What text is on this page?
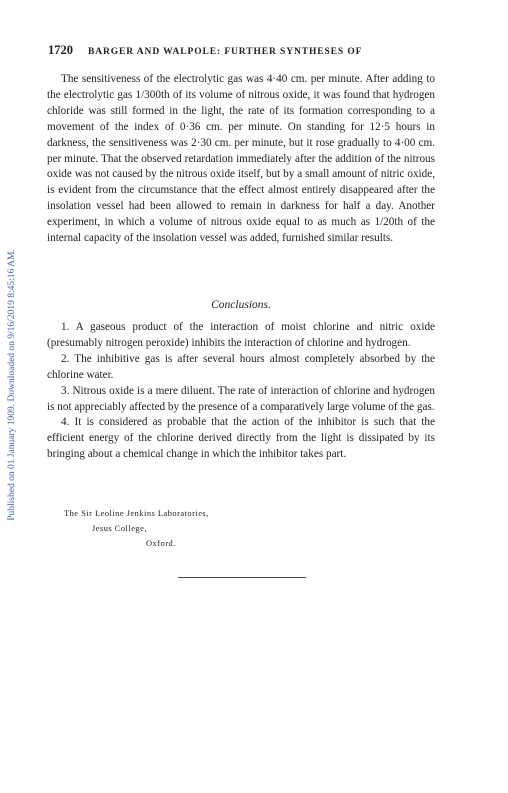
Published on 01 January 1909. Downloaded on 9/16/2019 8:45:16 AM.
1720 BARGER AND WALPOLE: FURTHER SYNTHESES OF

The sensitiveness of the electrolytic gas was 4·40 cm. per minute. After adding to the electrolytic gas 1/300th of its volume of nitrous oxide, it was found that hydrogen chloride was still formed in the light, the rate of its formation corresponding to a movement of the index of 0·36 cm. per minute. On standing for 12·5 hours in darkness, the sensitiveness was 2·30 cm. per minute, but it rose gradually to 4·00 cm. per minute. That the observed retardation immediately after the addition of the nitrous oxide was not caused by the nitrous oxide itself, but by a small amount of nitric oxide, is evident from the circumstance that the effect almost entirely disappeared after the insolation vessel had been allowed to remain in darkness for half a day. Another experiment, in which a volume of nitrous oxide equal to as much as 1/20th of the internal capacity of the insolation vessel was added, furnished similar results.

Conclusions.

1. A gaseous product of the interaction of moist chlorine and nitric oxide (presumably nitrogen peroxide) inhibits the interaction of chlorine and hydrogen.

2. The inhibitive gas is after several hours almost completely absorbed by the chlorine water.

3. Nitrous oxide is a mere diluent. The rate of interaction of chlorine and hydrogen is not appreciably affected by the presence of a comparatively large volume of the gas.

4. It is considered as probable that the action of the inhibitor is such that the efficient energy of the chlorine derived directly from the light is dissipated by its bringing about a chemical change in which the inhibitor takes part.

The Sir Leoline Jenkins Laboratories,
Jesus College,
Oxford.
